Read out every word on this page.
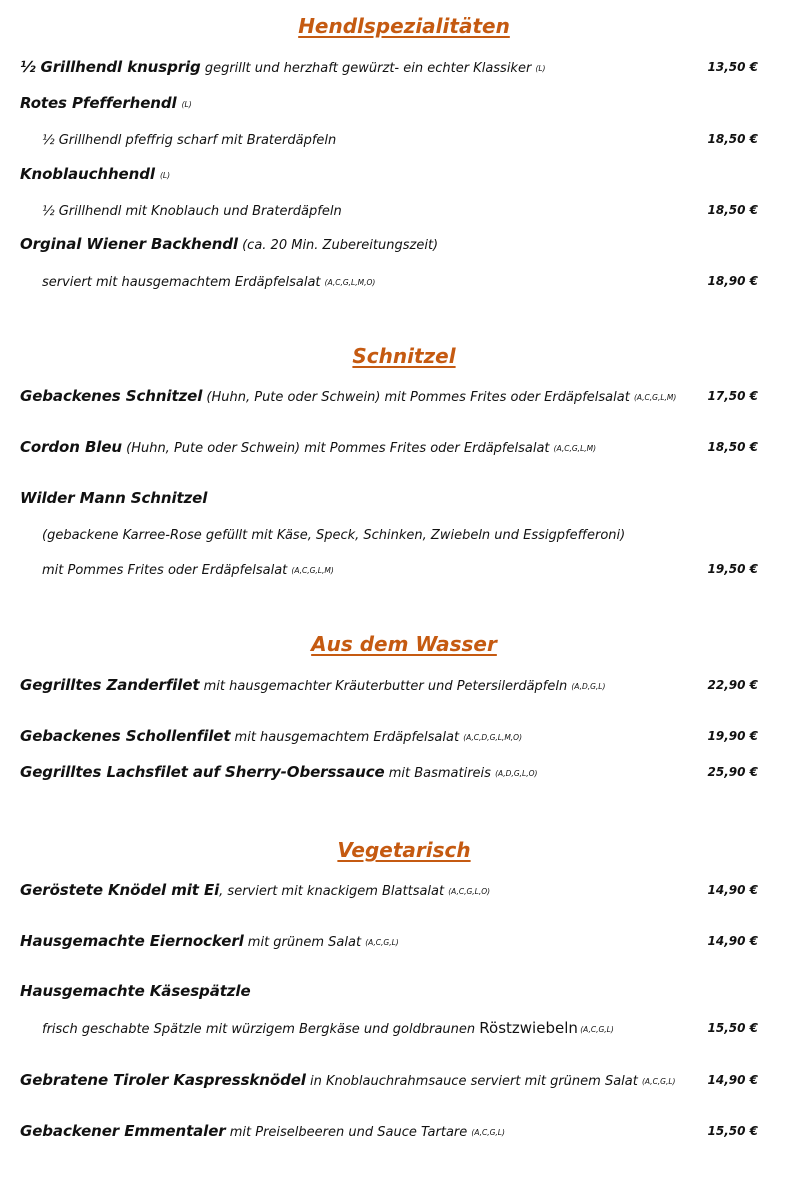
Hendlspezialitäten
½ Grillhendl knusprig gegrillt und herzhaft gewürzt- ein echter Klassiker (L)	13,50 €
Rotes Pfefferhendl (L)
½ Grillhendl pfeffrig scharf mit Braterdäpfeln	18,50 €
Knoblauchhendl (L)
½ Grillhendl mit Knoblauch und Braterdäpfeln	18,50 €
Orginal Wiener Backhendl (ca. 20 Min. Zubereitungszeit)
serviert mit hausgemachtem Erdäpfelsalat (A,C,G,L,M,O)	18,90 €
Schnitzel
Gebackenes Schnitzel (Huhn, Pute oder Schwein) mit Pommes Frites oder Erdäpfelsalat (A,C,G,L,M)	17,50 €
Cordon Bleu (Huhn, Pute oder Schwein) mit Pommes Frites oder Erdäpfelsalat (A,C,G,L,M)	18,50 €
Wilder Mann Schnitzel
(gebackene Karree-Rose gefüllt mit Käse, Speck, Schinken, Zwiebeln und Essigpfefferoni)
mit Pommes Frites oder Erdäpfelsalat (A,C,G,L,M)	19,50 €
Aus dem Wasser
Gegrilltes Zanderfilet mit hausgemachter Kräuterbutter und Petersilerdäpfeln (A,D,G,L)	22,90 €
Gebackenes Schollenfilet mit hausgemachtem Erdäpfelsalat (A,C,D,G,L,M,O)	19,90 €
Gegrilltes Lachsfilet auf Sherry-Oberssauce mit Basmatireis (A,D,G,L,O)	25,90 €
Vegetarisch
Geröstete Knödel mit Ei, serviert mit knackigem Blattsalat (A,C,G,L,O)	14,90 €
Hausgemachte Eiernockerl mit grünem Salat (A,C,G,L)	14,90 €
Hausgemachte Käsespätzle
frisch geschabte Spätzle mit würzigem Bergkäse und goldbraunen Röstzwiebeln (A,C,G,L)	15,50 €
Gebratene Tiroler Kaspressknödel in Knoblauchrahmsauce serviert mit grünem Salat (A,C,G,L)	14,90 €
Gebackener Emmentaler mit Preiselbeeren und Sauce Tartare (A,C,G,L)	15,50 €
